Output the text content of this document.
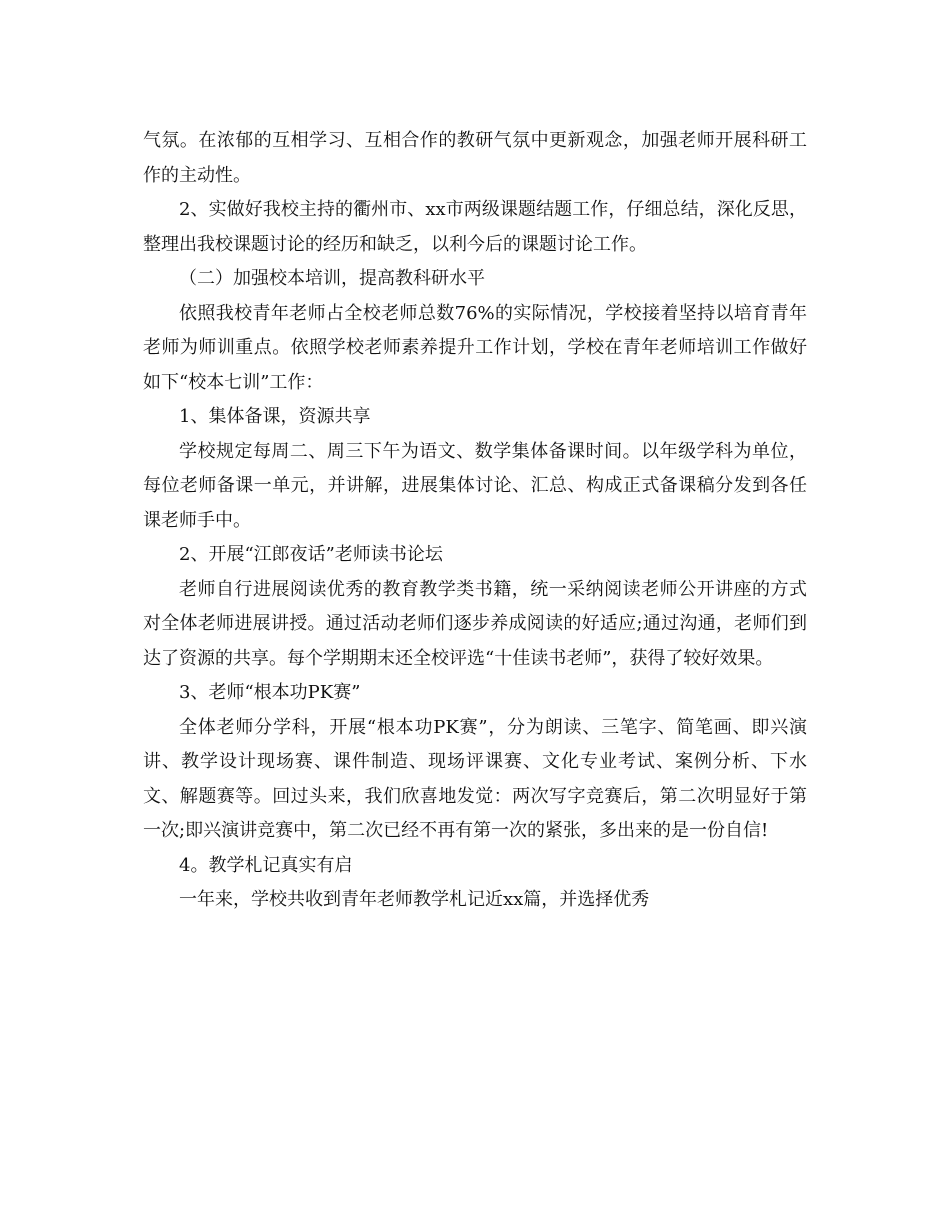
气氛。在浓郁的互相学习、互相合作的教研气氛中更新观念，加强老师开展科研工作的主动性。

2、实做好我校主持的衢州市、xx市两级课题结题工作，仔细总结，深化反思，整理出我校课题讨论的经历和缺乏，以利今后的课题讨论工作。

（二）加强校本培训，提高教科研水平

依照我校青年老师占全校老师总数76%的实际情况，学校接着坚持以培育青年老师为师训重点。依照学校老师素养提升工作计划，学校在青年老师培训工作做好如下“校本七训”工作：

1、集体备课，资源共享

学校规定每周二、周三下午为语文、数学集体备课时间。以年级学科为单位，每位老师备课一单元，并讲解，进展集体讨论、汇总、构成正式备课稿分发到各任课老师手中。

2、开展“江郎夜话”老师读书论坛

老师自行进展阅读优秀的教育教学类书籍，统一采纳阅读老师公开讲座的方式对全体老师进展讲授。通过活动老师们逐步养成阅读的好适应;通过沟通，老师们到达了资源的共享。每个学期期末还全校评选“十佳读书老师”，获得了较好效果。

3、老师“根本功PK赛”

全体老师分学科，开展“根本功PK赛”，分为朗读、三笔字、简笔画、即兴演讲、教学设计现场赛、课件制造、现场评课赛、文化专业考试、案例分析、下水文、解题赛等。回过头来，我们欣喜地发觉：两次写字竞赛后，第二次明显好于第一次;即兴演讲竞赛中，第二次已经不再有第一次的紧张，多出来的是一份自信!

4。教学札记真实有启

一年来，学校共收到青年老师教学札记近xx篇，并选择优秀
